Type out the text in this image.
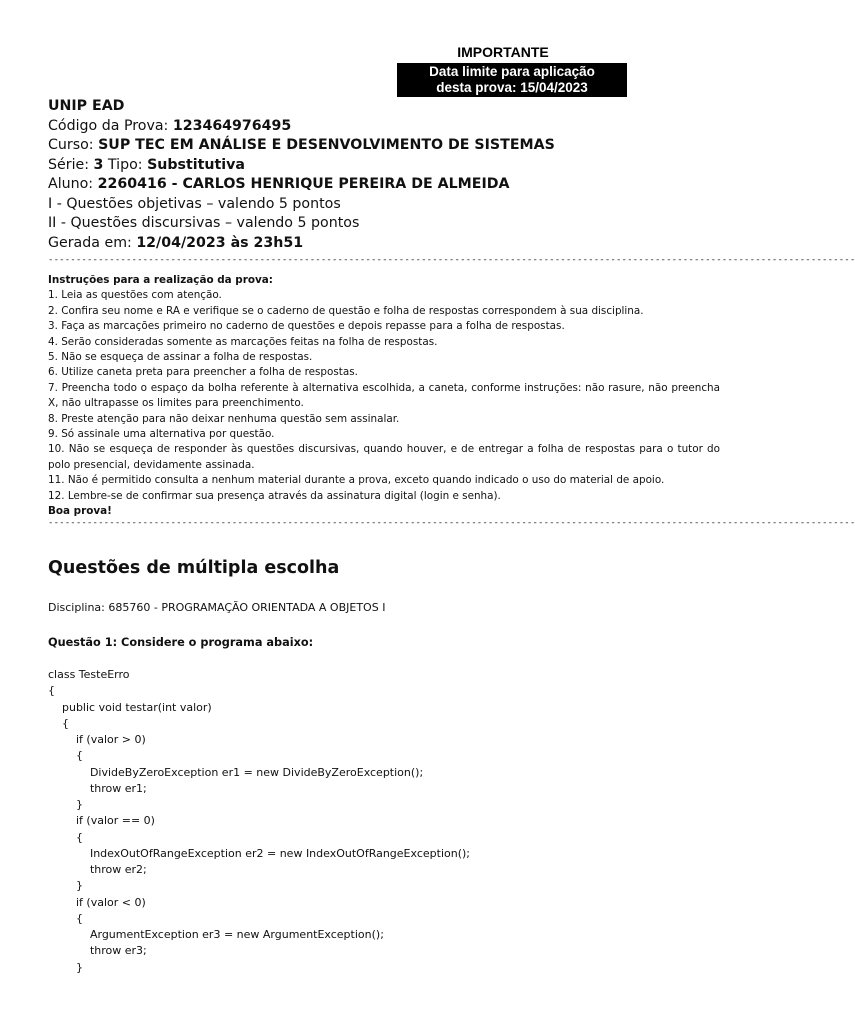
IMPORTANTE
Data limite para aplicação
desta prova: 15/04/2023
UNIP EAD
Código da Prova: 123464976495
Curso: SUP TEC EM ANÁLISE E DESENVOLVIMENTO DE SISTEMAS
Série: 3 Tipo: Substitutiva
Aluno: 2260416 - CARLOS HENRIQUE PEREIRA DE ALMEIDA
I - Questões objetivas – valendo 5 pontos
II - Questões discursivas – valendo 5 pontos
Gerada em: 12/04/2023 às 23h51
-------------------------------------------------------------------------------------------------------------------------------------------------
Instruções para a realização da prova:

1. Leia as questões com atenção.

2. Confira seu nome e RA e verifique se o caderno de questão e folha de respostas correspondem à sua disciplina.

3. Faça as marcações primeiro no caderno de questões e depois repasse para a folha de respostas.

4. Serão consideradas somente as marcações feitas na folha de respostas.

5. Não se esqueça de assinar a folha de respostas.

6. Utilize caneta preta para preencher a folha de respostas.

7. Preencha todo o espaço da bolha referente à alternativa escolhida, a caneta, conforme instruções: não rasure, não preencha X, não ultrapasse os limites para preenchimento.

8. Preste atenção para não deixar nenhuma questão sem assinalar.

9. Só assinale uma alternativa por questão.

10. Não se esqueça de responder às questões discursivas, quando houver, e de entregar a folha de respostas para o tutor do polo presencial, devidamente assinada.

11. Não é permitido consulta a nenhum material durante a prova, exceto quando indicado o uso do material de apoio.

12. Lembre-se de confirmar sua presença através da assinatura digital (login e senha).

Boa prova!
-------------------------------------------------------------------------------------------------------------------------------------------------
Questões de múltipla escolha
Disciplina: 685760 - PROGRAMAÇÃO ORIENTADA A OBJETOS I
Questão 1: Considere o programa abaixo:
class TesteErro
{
public void testar(int valor)
{
if (valor > 0)
{
DivideByZeroException er1 = new DivideByZeroException();
throw er1;
}
if (valor == 0)
{
IndexOutOfRangeException er2 = new IndexOutOfRangeException();
throw er2;
}
if (valor < 0)
{
ArgumentException er3 = new ArgumentException();
throw er3;
}
